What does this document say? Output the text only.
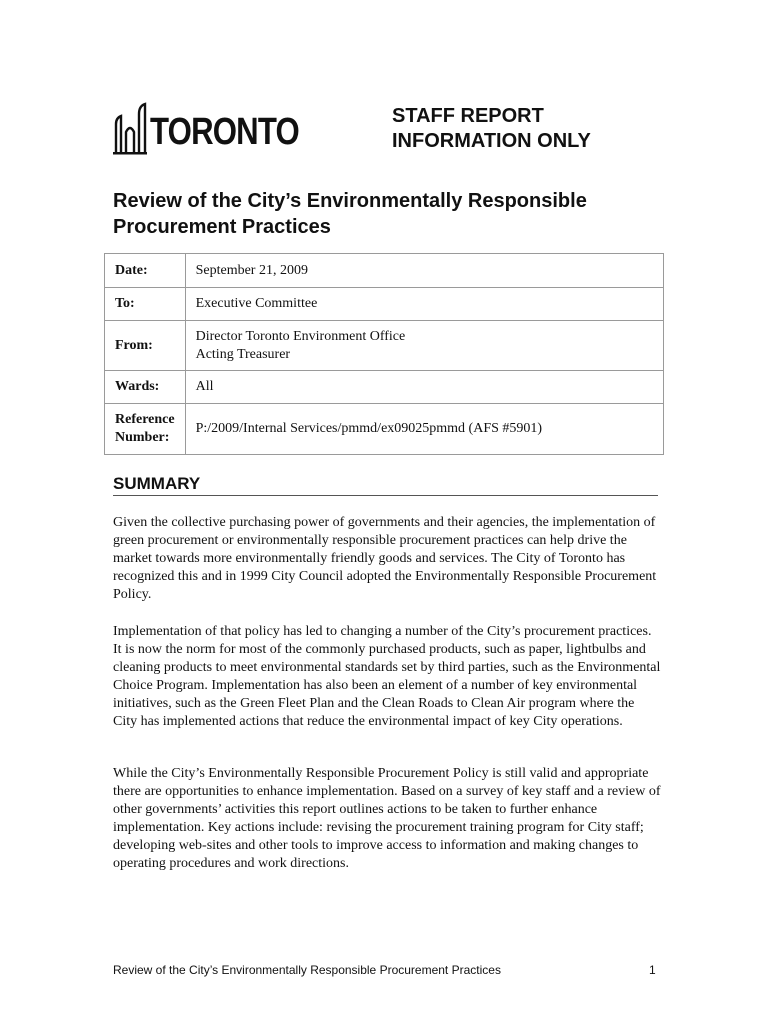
TORONTO	STAFF REPORT
INFORMATION ONLY
Review of the City’s Environmentally Responsible
Procurement Practices
Date:	September 21, 2009
To:	Executive Committee
From:	Director Toronto Environment Office
Acting Treasurer
Wards:	All
Reference
Number:	P:/2009/Internal Services/pmmd/ex09025pmmd (AFS #5901)
SUMMARY

Given the collective purchasing power of governments and their agencies, the implementation of green procurement or environmentally responsible procurement practices can help drive the market towards more environmentally friendly goods and services. The City of Toronto has recognized this and in 1999 City Council adopted the Environmentally Responsible Procurement Policy.

Implementation of that policy has led to changing a number of the City’s procurement practices. It is now the norm for most of the commonly purchased products, such as paper, lightbulbs and cleaning products to meet environmental standards set by third parties, such as the Environmental Choice Program. Implementation has also been an element of a number of key environmental initiatives, such as the Green Fleet Plan and the Clean Roads to Clean Air program where the City has implemented actions that reduce the environmental impact of key City operations.

While the City’s Environmentally Responsible Procurement Policy is still valid and appropriate there are opportunities to enhance implementation. Based on a survey of key staff and a review of other governments’ activities this report outlines actions to be taken to further enhance implementation. Key actions include: revising the procurement training program for City staff; developing web-sites and other tools to improve access to information and making changes to operating procedures and work directions.

Review of the City’s Environmentally Responsible Procurement Practices	1
